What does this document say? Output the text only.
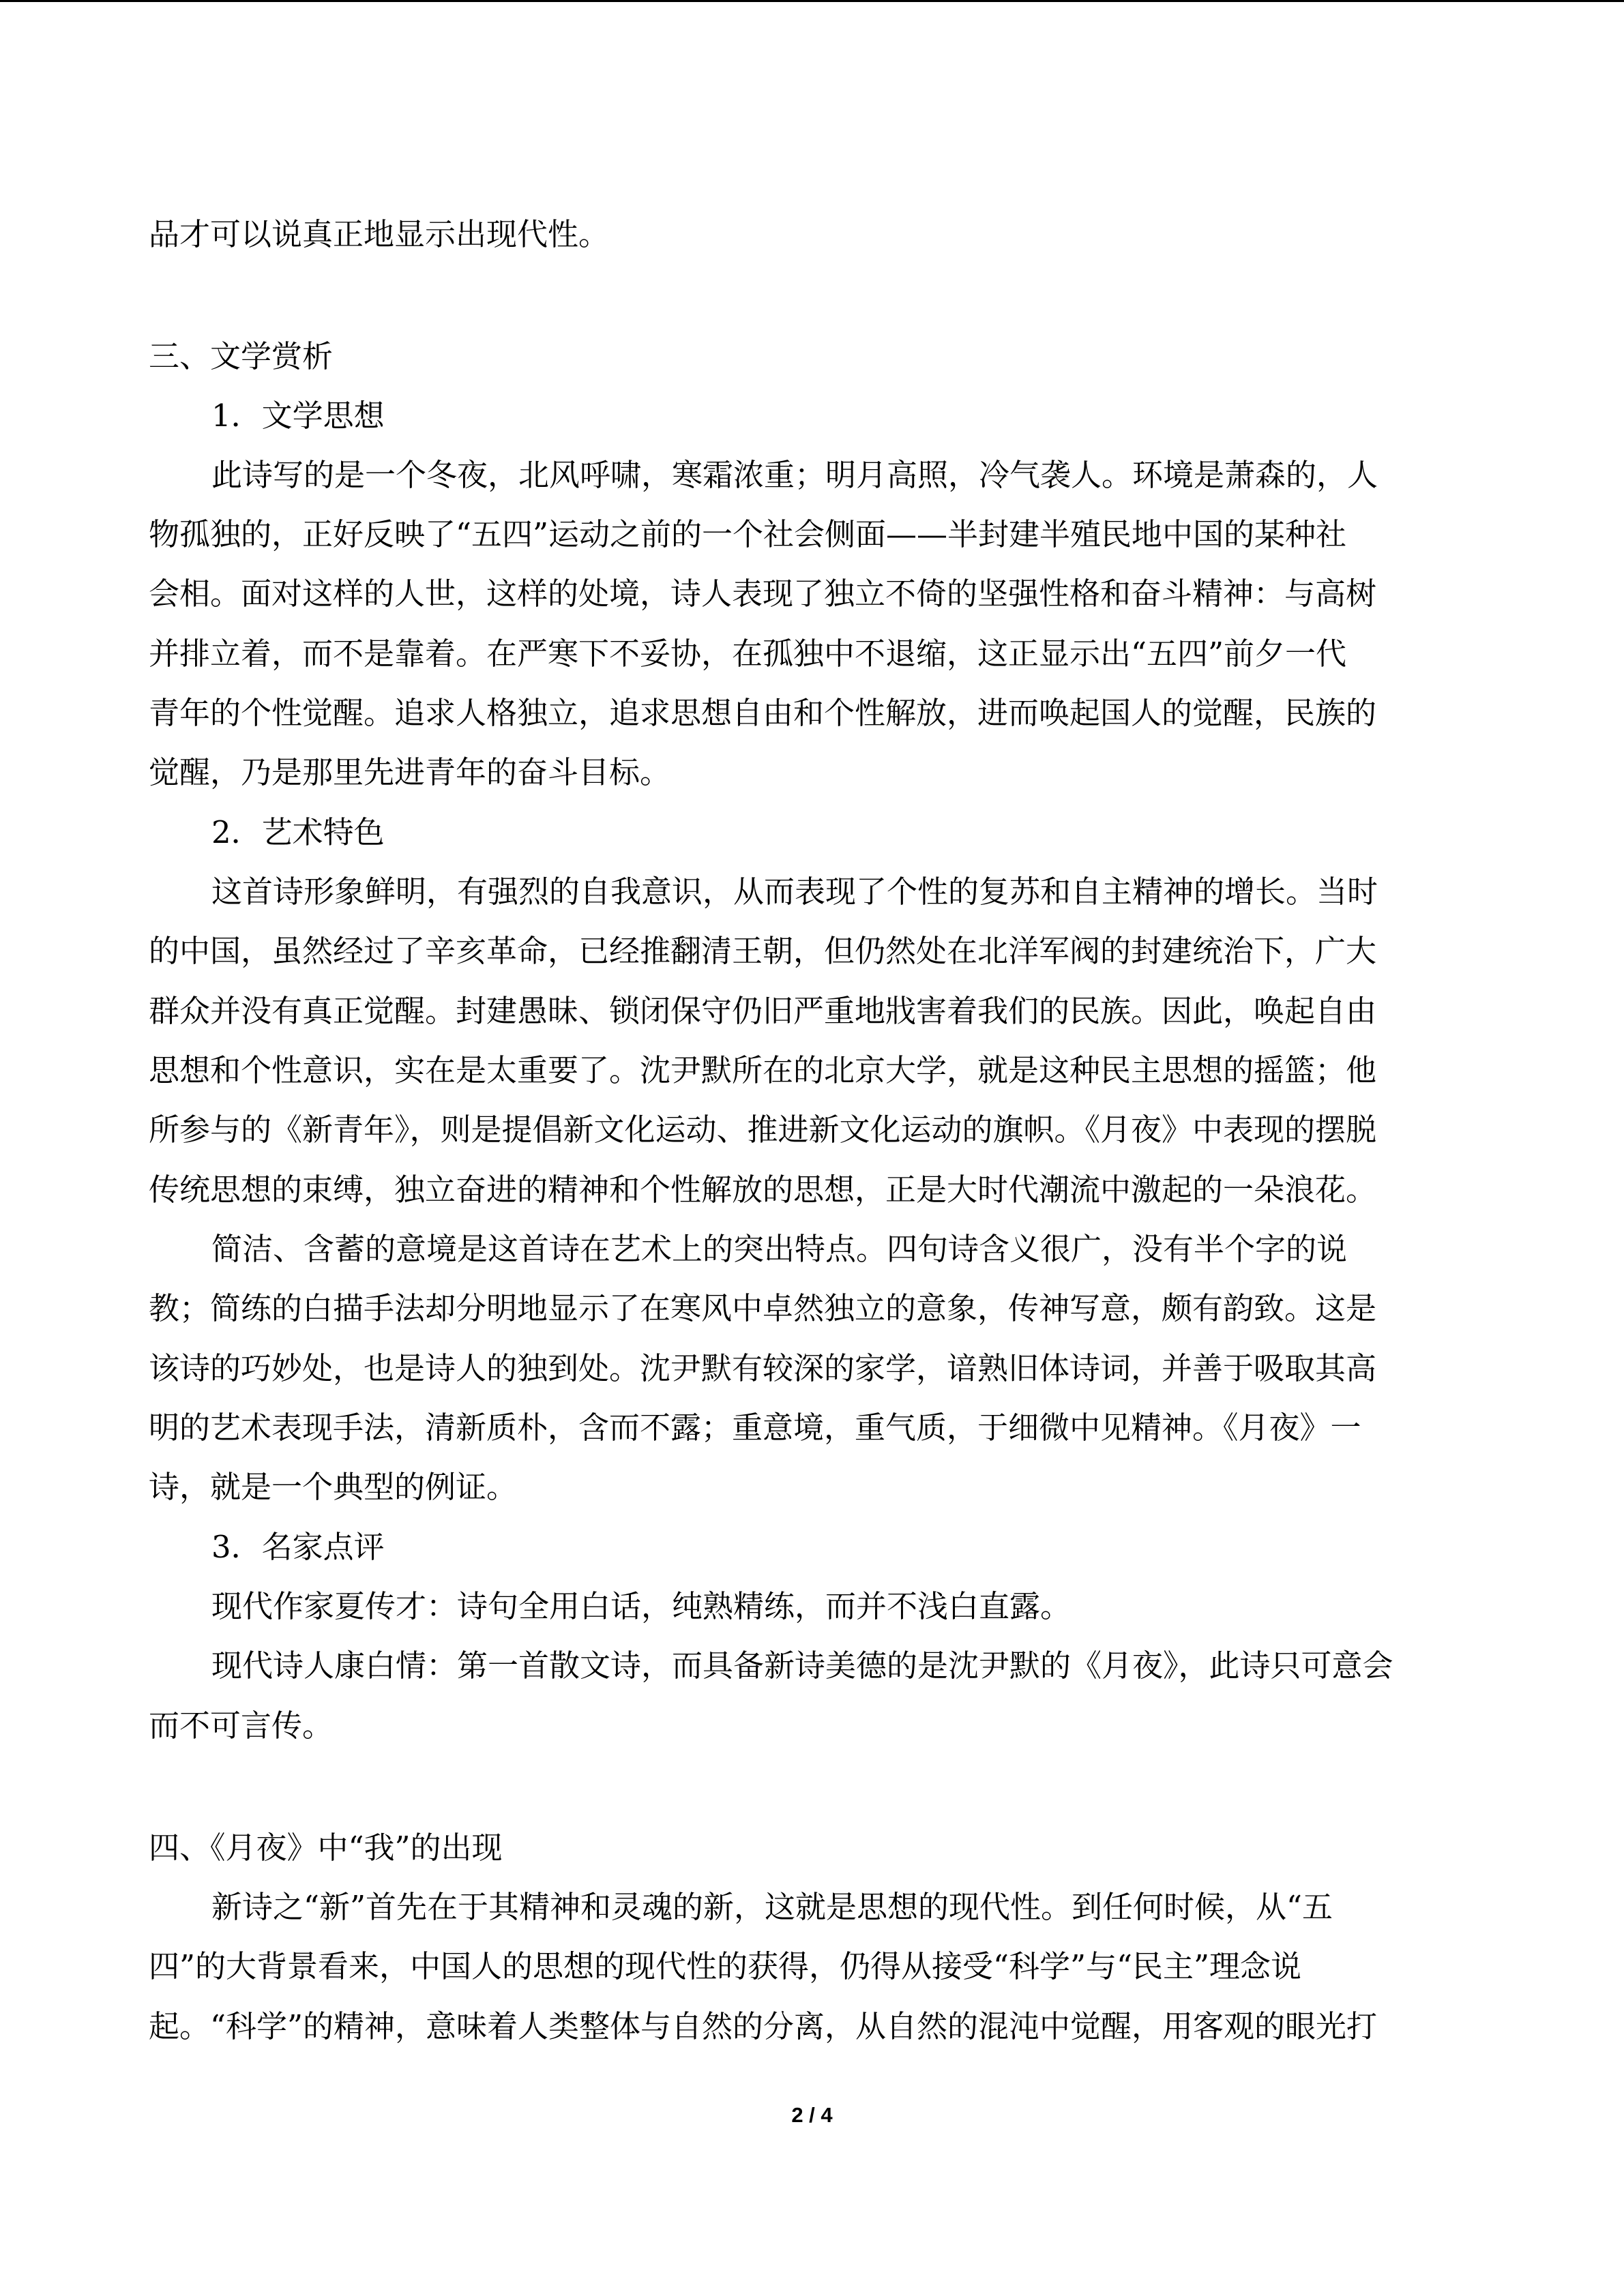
品才可以说真正地显示出现代性。

三、文学赏析

1．文学思想

此诗写的是一个冬夜，北风呼啸，寒霜浓重；明月高照，冷气袭人。环境是萧森的，人

物孤独的，正好反映了“五四”运动之前的一个社会侧面——半封建半殖民地中国的某种社

会相。面对这样的人世，这样的处境，诗人表现了独立不倚的坚强性格和奋斗精神：与高树

并排立着，而不是靠着。在严寒下不妥协，在孤独中不退缩，这正显示出“五四”前夕一代

青年的个性觉醒。追求人格独立，追求思想自由和个性解放，进而唤起国人的觉醒，民族的

觉醒，乃是那里先进青年的奋斗目标。

2．艺术特色

这首诗形象鲜明，有强烈的自我意识，从而表现了个性的复苏和自主精神的增长。当时

的中国，虽然经过了辛亥革命，已经推翻清王朝，但仍然处在北洋军阀的封建统治下，广大

群众并没有真正觉醒。封建愚昧、锁闭保守仍旧严重地戕害着我们的民族。因此，唤起自由

思想和个性意识，实在是太重要了。沈尹默所在的北京大学，就是这种民主思想的摇篮；他

所参与的《新青年》，则是提倡新文化运动、推进新文化运动的旗帜。《月夜》中表现的摆脱

传统思想的束缚，独立奋进的精神和个性解放的思想，正是大时代潮流中激起的一朵浪花。

简洁、含蓄的意境是这首诗在艺术上的突出特点。四句诗含义很广，没有半个字的说

教；简练的白描手法却分明地显示了在寒风中卓然独立的意象，传神写意，颇有韵致。这是

该诗的巧妙处，也是诗人的独到处。沈尹默有较深的家学，谙熟旧体诗词，并善于吸取其高

明的艺术表现手法，清新质朴，含而不露；重意境，重气质，于细微中见精神。《月夜》一

诗，就是一个典型的例证。

3．名家点评

现代作家夏传才：诗句全用白话，纯熟精练，而并不浅白直露。

现代诗人康白情：第一首散文诗，而具备新诗美德的是沈尹默的《月夜》，此诗只可意会

而不可言传。

四、《月夜》中“我”的出现

新诗之“新”首先在于其精神和灵魂的新，这就是思想的现代性。到任何时候，从“五

四”的大背景看来，中国人的思想的现代性的获得，仍得从接受“科学”与“民主”理念说

起。“科学”的精神，意味着人类整体与自然的分离，从自然的混沌中觉醒，用客观的眼光打

2 / 4
